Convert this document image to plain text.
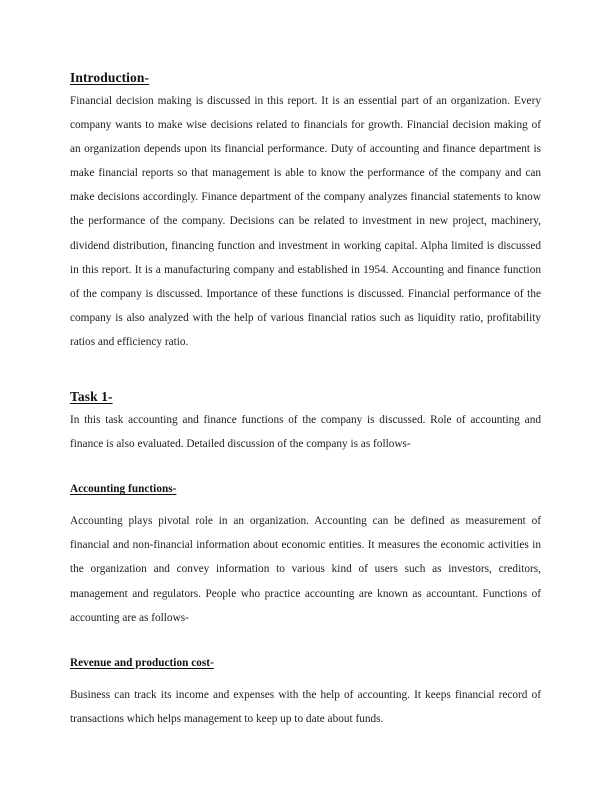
Introduction-

Financial decision making is discussed in this report. It is an essential part of an organization. Every company wants to make wise decisions related to financials for growth. Financial decision making of an organization depends upon its financial performance. Duty of accounting and finance department is make financial reports so that management is able to know the performance of the company and can make decisions accordingly. Finance department of the company analyzes financial statements to know the performance of the company. Decisions can be related to investment in new project, machinery, dividend distribution, financing function and investment in working capital. Alpha limited is discussed in this report. It is a manufacturing company and established in 1954. Accounting and finance function of the company is discussed. Importance of these functions is discussed. Financial performance of the company is also analyzed with the help of various financial ratios such as liquidity ratio, profitability ratios and efficiency ratio.

Task 1-

In this task accounting and finance functions of the company is discussed. Role of accounting and finance is also evaluated. Detailed discussion of the company is as follows-

Accounting functions-

Accounting plays pivotal role in an organization. Accounting can be defined as measurement of financial and non-financial information about economic entities. It measures the economic activities in the organization and convey information to various kind of users such as investors, creditors, management and regulators. People who practice accounting are known as accountant. Functions of accounting are as follows-

Revenue and production cost-

Business can track its income and expenses with the help of accounting. It keeps financial record of transactions which helps management to keep up to date about funds.
